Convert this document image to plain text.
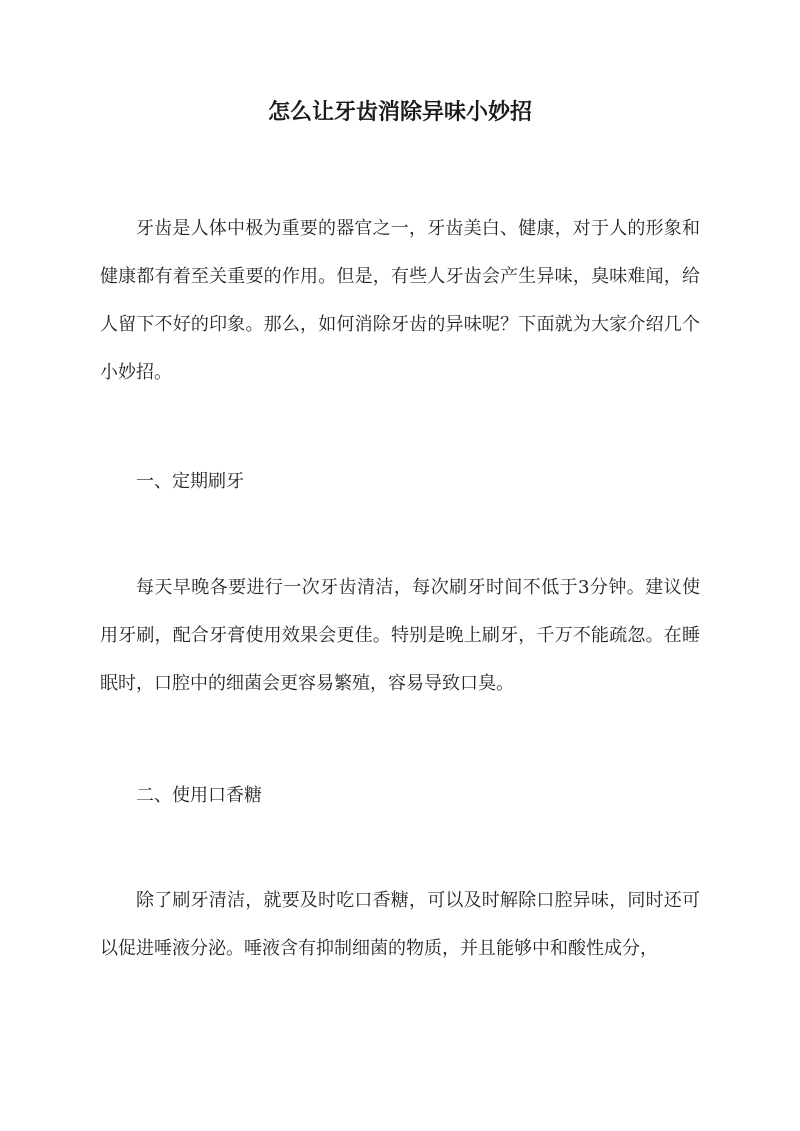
怎么让牙齿消除异味小妙招

牙齿是人体中极为重要的器官之一，牙齿美白、健康，对于人的形象和健康都有着至关重要的作用。但是，有些人牙齿会产生异味，臭味难闻，给人留下不好的印象。那么，如何消除牙齿的异味呢？下面就为大家介绍几个小妙招。

一、定期刷牙

每天早晚各要进行一次牙齿清洁，每次刷牙时间不低于3分钟。建议使用牙刷，配合牙膏使用效果会更佳。特别是晚上刷牙，千万不能疏忽。在睡眠时，口腔中的细菌会更容易繁殖，容易导致口臭。

二、使用口香糖

除了刷牙清洁，就要及时吃口香糖，可以及时解除口腔异味，同时还可以促进唾液分泌。唾液含有抑制细菌的物质，并且能够中和酸性成分，
